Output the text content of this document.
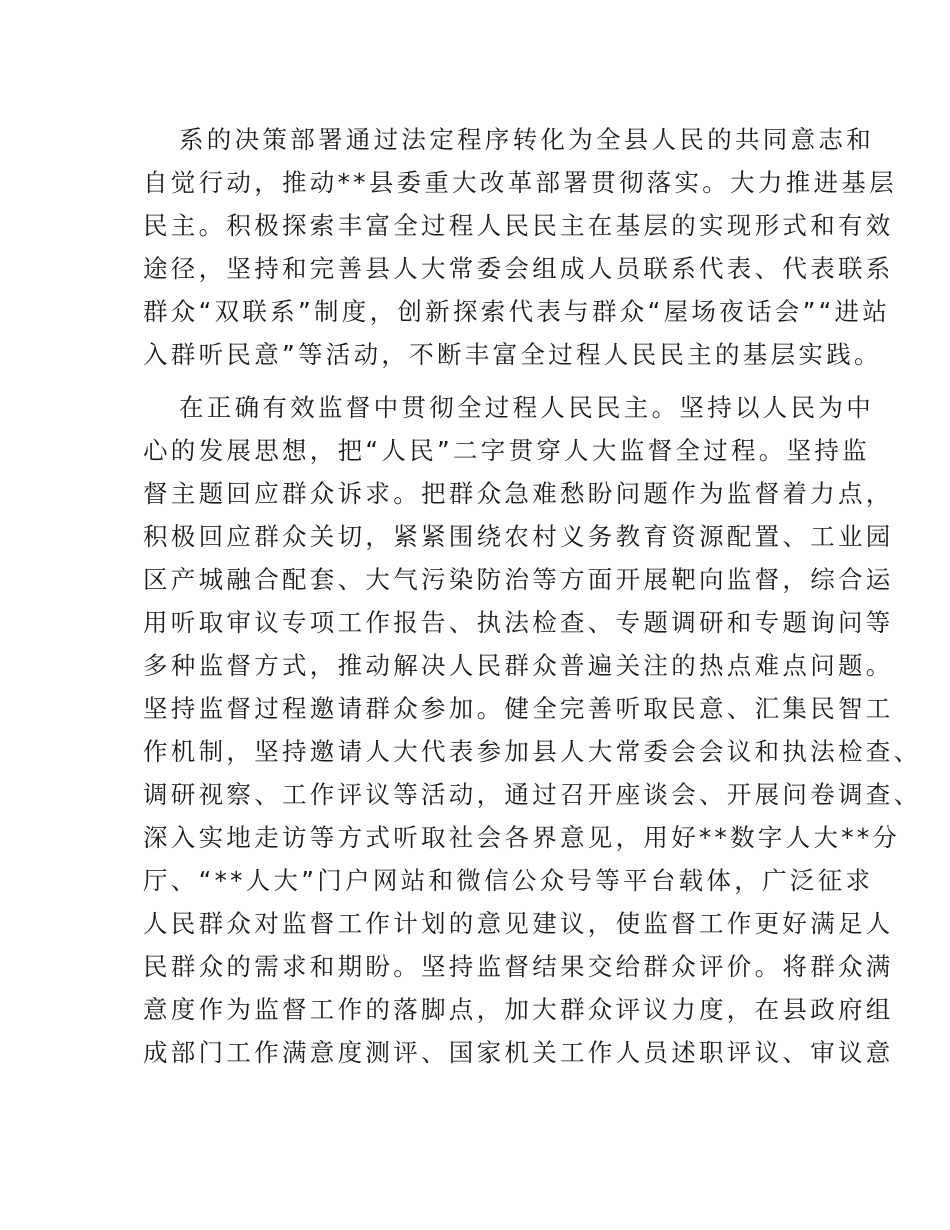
系的决策部署通过法定程序转化为全县人民的共同意志和
自觉行动，推动**县委重大改革部署贯彻落实。大力推进基层
民主。积极探索丰富全过程人民民主在基层的实现形式和有效
途径，坚持和完善县人大常委会组成人员联系代表、代表联系
群众“双联系”制度，创新探索代表与群众“屋场夜话会”“进站
入群听民意”等活动，不断丰富全过程人民民主的基层实践。
在正确有效监督中贯彻全过程人民民主。坚持以人民为中
心的发展思想，把“人民”二字贯穿人大监督全过程。坚持监
督主题回应群众诉求。把群众急难愁盼问题作为监督着力点，
积极回应群众关切，紧紧围绕农村义务教育资源配置、工业园
区产城融合配套、大气污染防治等方面开展靶向监督，综合运
用听取审议专项工作报告、执法检查、专题调研和专题询问等
多种监督方式，推动解决人民群众普遍关注的热点难点问题。
坚持监督过程邀请群众参加。健全完善听取民意、汇集民智工
作机制，坚持邀请人大代表参加县人大常委会会议和执法检查、
调研视察、工作评议等活动，通过召开座谈会、开展问卷调查、
深入实地走访等方式听取社会各界意见，用好**数字人大**分
厅、“**人大”门户网站和微信公众号等平台载体，广泛征求
人民群众对监督工作计划的意见建议，使监督工作更好满足人
民群众的需求和期盼。坚持监督结果交给群众评价。将群众满
意度作为监督工作的落脚点，加大群众评议力度，在县政府组
成部门工作满意度测评、国家机关工作人员述职评议、审议意
